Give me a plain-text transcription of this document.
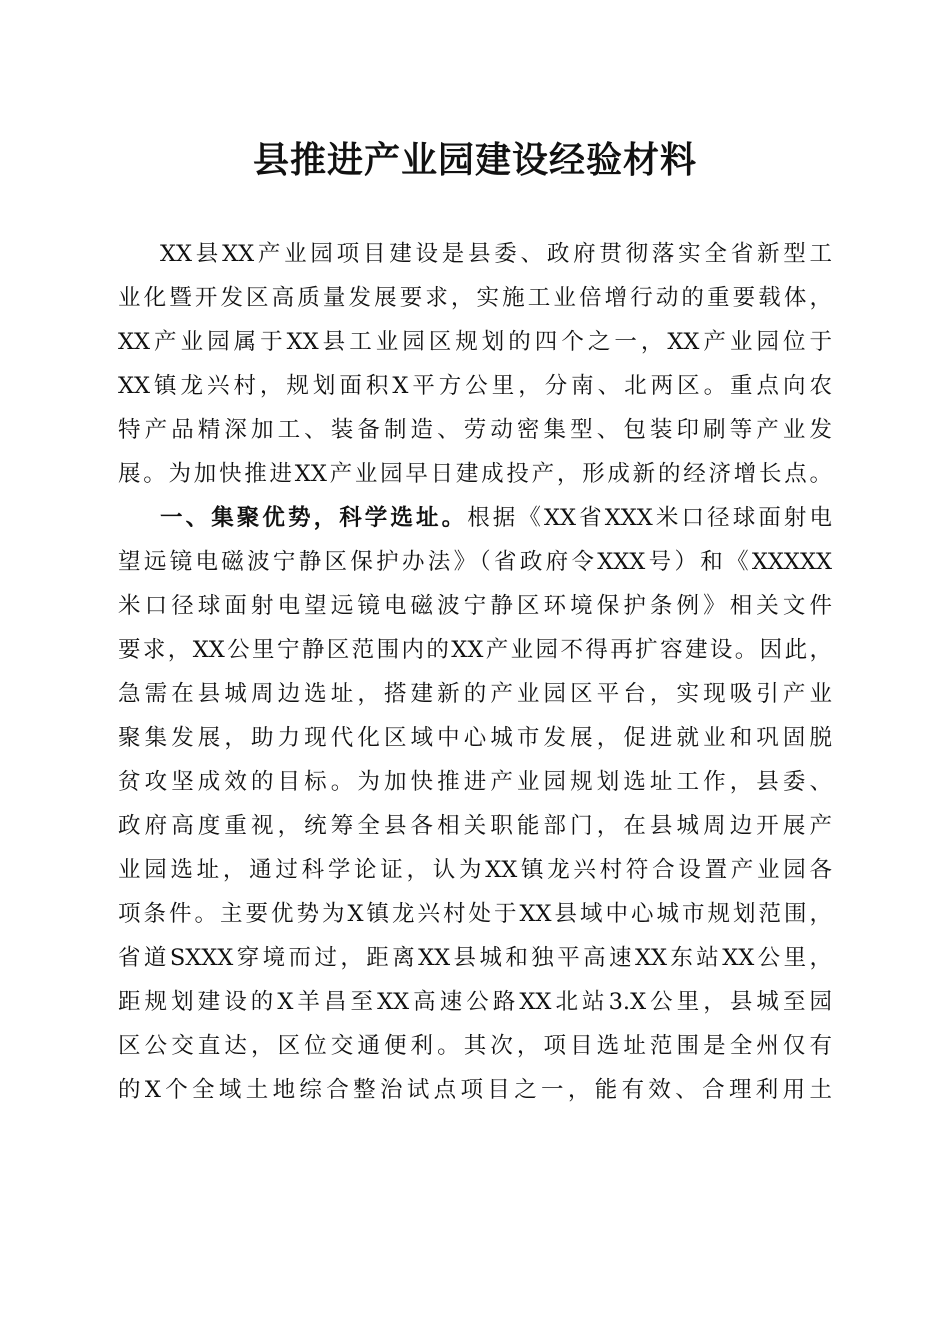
县推进产业园建设经验材料
XX县XX产业园项目建设是县委、政府贯彻落实全省新型工
业化暨开发区高质量发展要求，实施工业倍增行动的重要载体，
XX产业园属于XX县工业园区规划的四个之一，XX产业园位于
XX镇龙兴村，规划面积X平方公里，分南、北两区。重点向农
特产品精深加工、装备制造、劳动密集型、包装印刷等产业发
展。为加快推进XX产业园早日建成投产，形成新的经济增长点。
一、集聚优势，科学选址。根据《XX省XXX米口径球面射电
望远镜电磁波宁静区保护办法》（省政府令XXX号）和《XXXXX
米口径球面射电望远镜电磁波宁静区环境保护条例》相关文件
要求，XX公里宁静区范围内的XX产业园不得再扩容建设。因此，
急需在县城周边选址，搭建新的产业园区平台，实现吸引产业
聚集发展，助力现代化区域中心城市发展，促进就业和巩固脱
贫攻坚成效的目标。为加快推进产业园规划选址工作，县委、
政府高度重视，统筹全县各相关职能部门，在县城周边开展产
业园选址，通过科学论证，认为XX镇龙兴村符合设置产业园各
项条件。主要优势为X镇龙兴村处于XX县域中心城市规划范围，
省道SXXX穿境而过，距离XX县城和独平高速XX东站XX公里，
距规划建设的X羊昌至XX高速公路XX北站3.X公里，县城至园
区公交直达，区位交通便利。其次，项目选址范围是全州仅有
的X个全域土地综合整治试点项目之一，能有效、合理利用土
